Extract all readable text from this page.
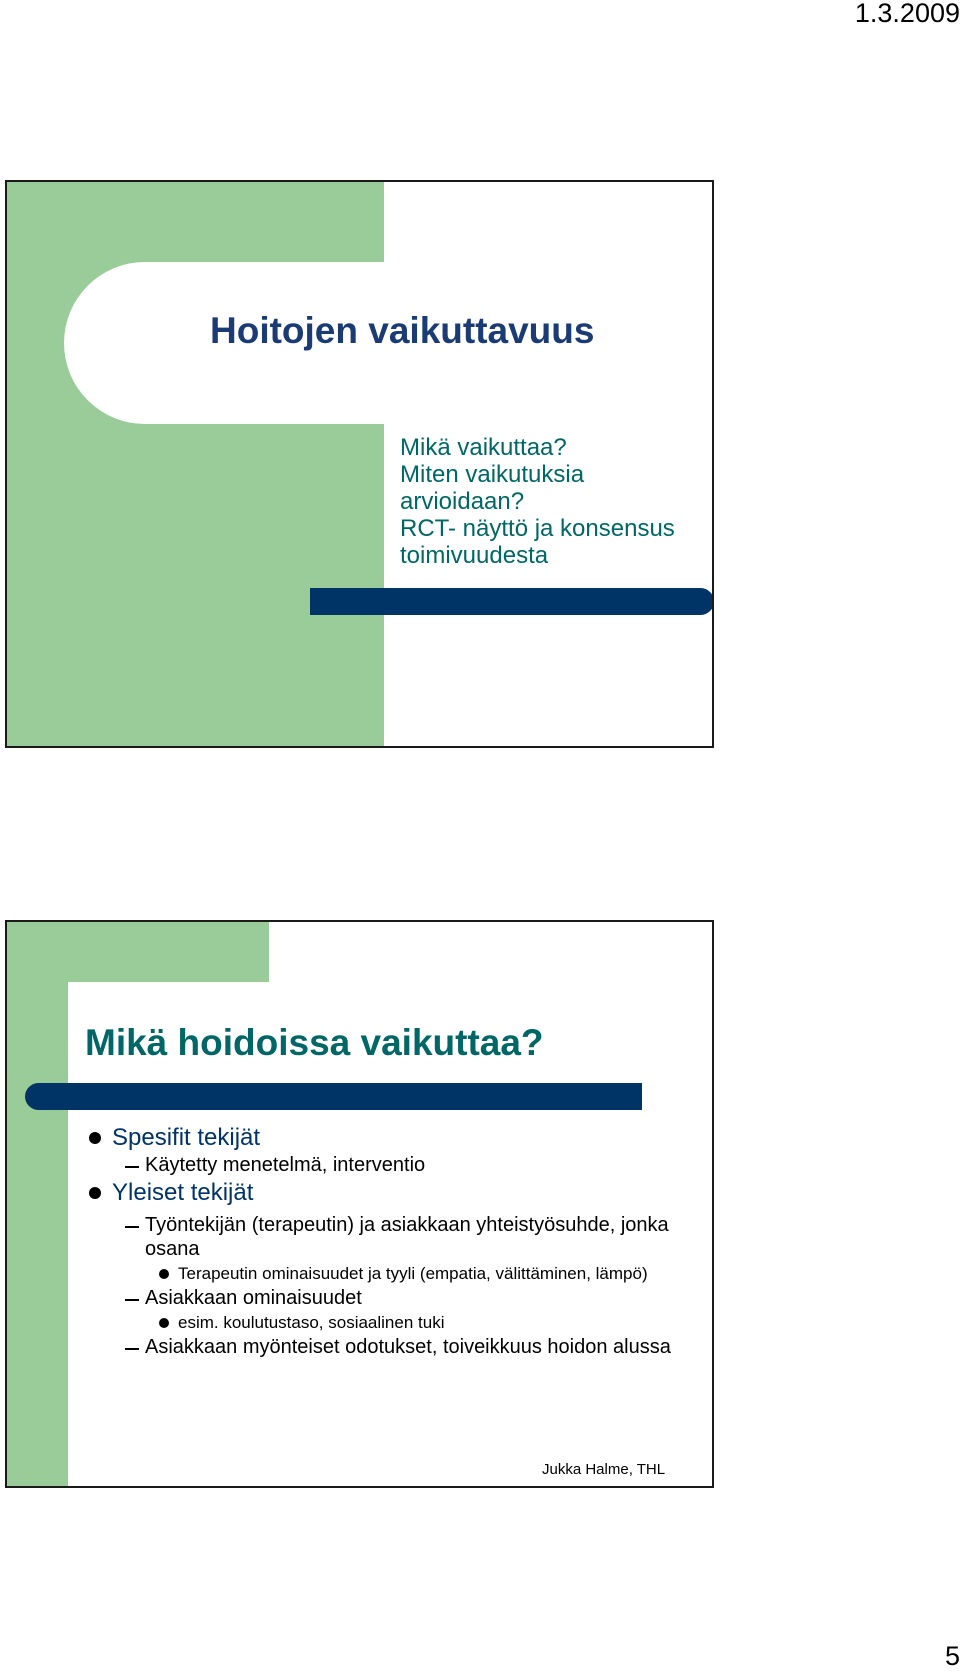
1.3.2009
Hoitojen vaikuttavuus
Mikä vaikuttaa?
Miten vaikutuksia
arvioidaan?
RCT- näyttö ja konsensus
toimivuudesta
Mikä hoidoissa vaikuttaa?
Spesifit tekijät
Käytetty menetelmä, interventio
Yleiset tekijät
Työntekijän (terapeutin) ja asiakkaan yhteistyösuhde, jonka osana
Terapeutin ominaisuudet ja tyyli (empatia, välittäminen, lämpö)
Asiakkaan ominaisuudet
esim. koulutustaso, sosiaalinen tuki
Asiakkaan myönteiset odotukset, toiveikkuus hoidon alussa
Jukka Halme, THL
5
